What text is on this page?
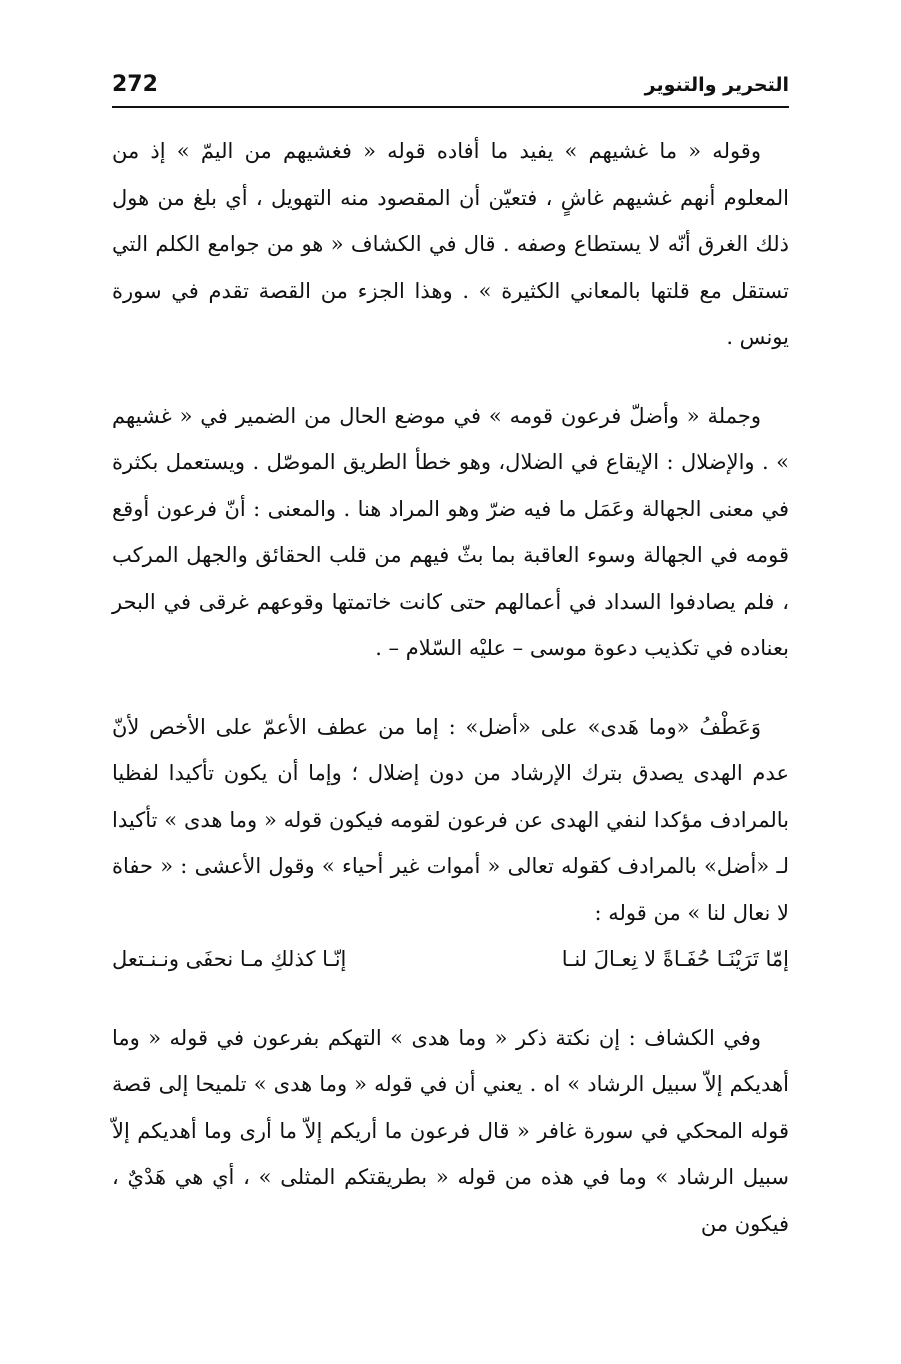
272	التحرير والتنوير

وقوله « ما غشيهم » يفيد ما أفاده قوله « فغشيهم من اليمّ » إذ من المعلوم أنهم غشيهم غاشٍ ، فتعيّن أن المقصود منه التهويل ، أي بلغ من هول ذلك الغرق أنّه لا يستطاع وصفه . قال في الكشاف « هو من جوامع الكلم التي تستقل مع قلتها بالمعاني الكثيرة » . وهذا الجزء من القصة تقدم في سورة يونس .

وجملة « وأضلّ فرعون قومه » في موضع الحال من الضمير في « غشيهم » . والإضلال : الإيقاع في الضلال، وهو خطأ الطريق الموصّل . ويستعمل بكثرة في معنى الجهالة وعَمَل ما فيه ضرّ وهو المراد هنا . والمعنى : أنّ فرعون أوقع قومه في الجهالة وسوء العاقبة بما بثّ فيهم من قلب الحقائق والجهل المركب ، فلم يصادفوا السداد في أعمالهم حتى كانت خاتمتها وقوعهم غرقى في البحر بعناده في تكذيب دعوة موسى – عليْه السّلام – .

وَعَطْفُ «وما هَدى» على «أضل» : إما من عطف الأعمّ على الأخص لأنّ عدم الهدى يصدق بترك الإرشاد من دون إضلال ؛ وإما أن يكون تأكيدا لفظيا بالمرادف مؤكدا لنفي الهدى عن فرعون لقومه فيكون قوله « وما هدى » تأكيدا لـ «أضل» بالمرادف كقوله تعالى « أموات غير أحياء » وقول الأعشى : « حفاة لا نعال لنا » من قوله :

إمّا تَرَيْنَـا حُفَـاةً لا نِعـالَ لنـا
إنّـا كذلكِ مـا نحفَى ونـنـتعل

وفي الكشاف : إن نكتة ذكر « وما هدى » التهكم بفرعون في قوله « وما أهديكم إلاّ سبيل الرشاد » اه . يعني أن في قوله « وما هدى » تلميحا إلى قصة قوله المحكي في سورة غافر « قال فرعون ما أريكم إلاّ ما أرى وما أهديكم إلاّ سبيل الرشاد » وما في هذه من قوله « بطريقتكم المثلى » ، أي هي هَدْيٌ ، فيكون من
